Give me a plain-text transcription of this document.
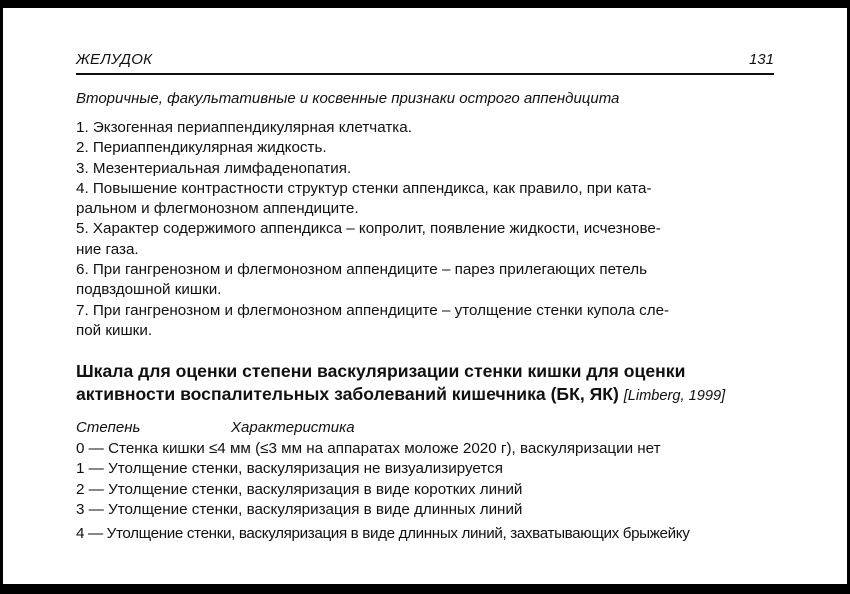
ЖЕЛУДОК	131
Вторичные, факультативные и косвенные признаки острого аппендицита
1. Экзогенная периаппендикулярная клетчатка.
2. Периаппендикулярная жидкость.
3. Мезентериальная лимфаденопатия.
4. Повышение контрастности структур стенки аппендикса, как правило, при ката-
ральном и флегмонозном аппендиците.
5. Характер содержимого аппендикса – копролит, появление жидкости, исчезнове-
ние газа.
6. При гангренозном и флегмонозном аппендиците – парез прилегающих петель
подвздошной кишки.
7. При гангренозном и флегмонозном аппендиците – утолщение стенки купола сле-
пой кишки.
Шкала для оценки степени васкуляризации стенки кишки для оценки
активности воспалительных заболеваний кишечника (БК, ЯК) [Limberg, 1999]
Степень	Характеристика
0 — Стенка кишки ≤4 мм (≤3 мм на аппаратах моложе 2020 г), васкуляризации нет
1 — Утолщение стенки, васкуляризация не визуализируется
2 — Утолщение стенки, васкуляризация в виде коротких линий
3 — Утолщение стенки, васкуляризация в виде длинных линий
4 — Утолщение стенки, васкуляризация в виде длинных линий, захватывающих брыжейку
